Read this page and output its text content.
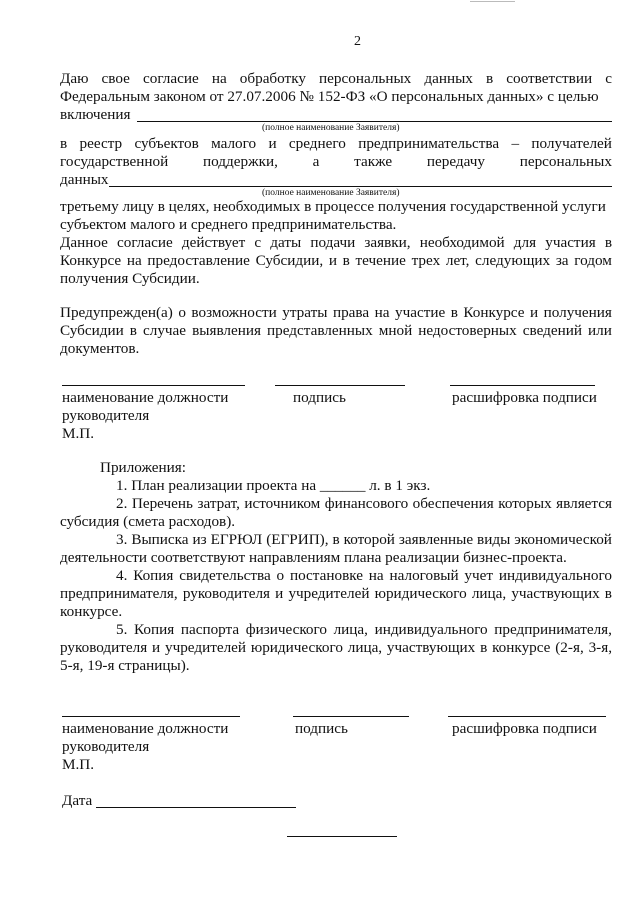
2
Даю свое согласие на обработку персональных данных в соответствии с
Федеральным законом от 27.07.2006 № 152-ФЗ «О персональных данных» с целью
включения
(полное наименование Заявителя)
в реестр субъектов малого и среднего предпринимательства – получателей
государственной поддержки, а также передачу персональных
данных
(полное наименование Заявителя)
третьему лицу в целях, необходимых в процессе получения государственной услуги
субъектом малого и среднего предпринимательства.
Данное согласие действует с даты подачи заявки, необходимой для участия в
Конкурсе на предоставление Субсидии, и в течение трех лет, следующих за годом
получения Субсидии.
Предупрежден(а) о возможности утраты права на участие в Конкурсе и получения
Субсидии в случае выявления представленных мной недостоверных сведений или
документов.
наименование должности	подпись	расшифровка подписи
руководителя
М.П.
Приложения:
1. План реализации проекта на ______ л. в 1 экз.
2. Перечень затрат, источником финансового обеспечения которых является
субсидия (смета расходов).
3. Выписка из ЕГРЮЛ (ЕГРИП), в которой заявленные виды экономической
деятельности соответствуют направлениям плана реализации бизнес-проекта.
4. Копия свидетельства о постановке на налоговый учет индивидуального
предпринимателя, руководителя и учредителей юридического лица, участвующих в
конкурсе.
5. Копия паспорта физического лица, индивидуального предпринимателя,
руководителя и учредителей юридического лица, участвующих в конкурсе (2-я, 3-я,
5-я, 19-я страницы).
наименование должности	подпись	расшифровка подписи
руководителя
М.П.
Дата
